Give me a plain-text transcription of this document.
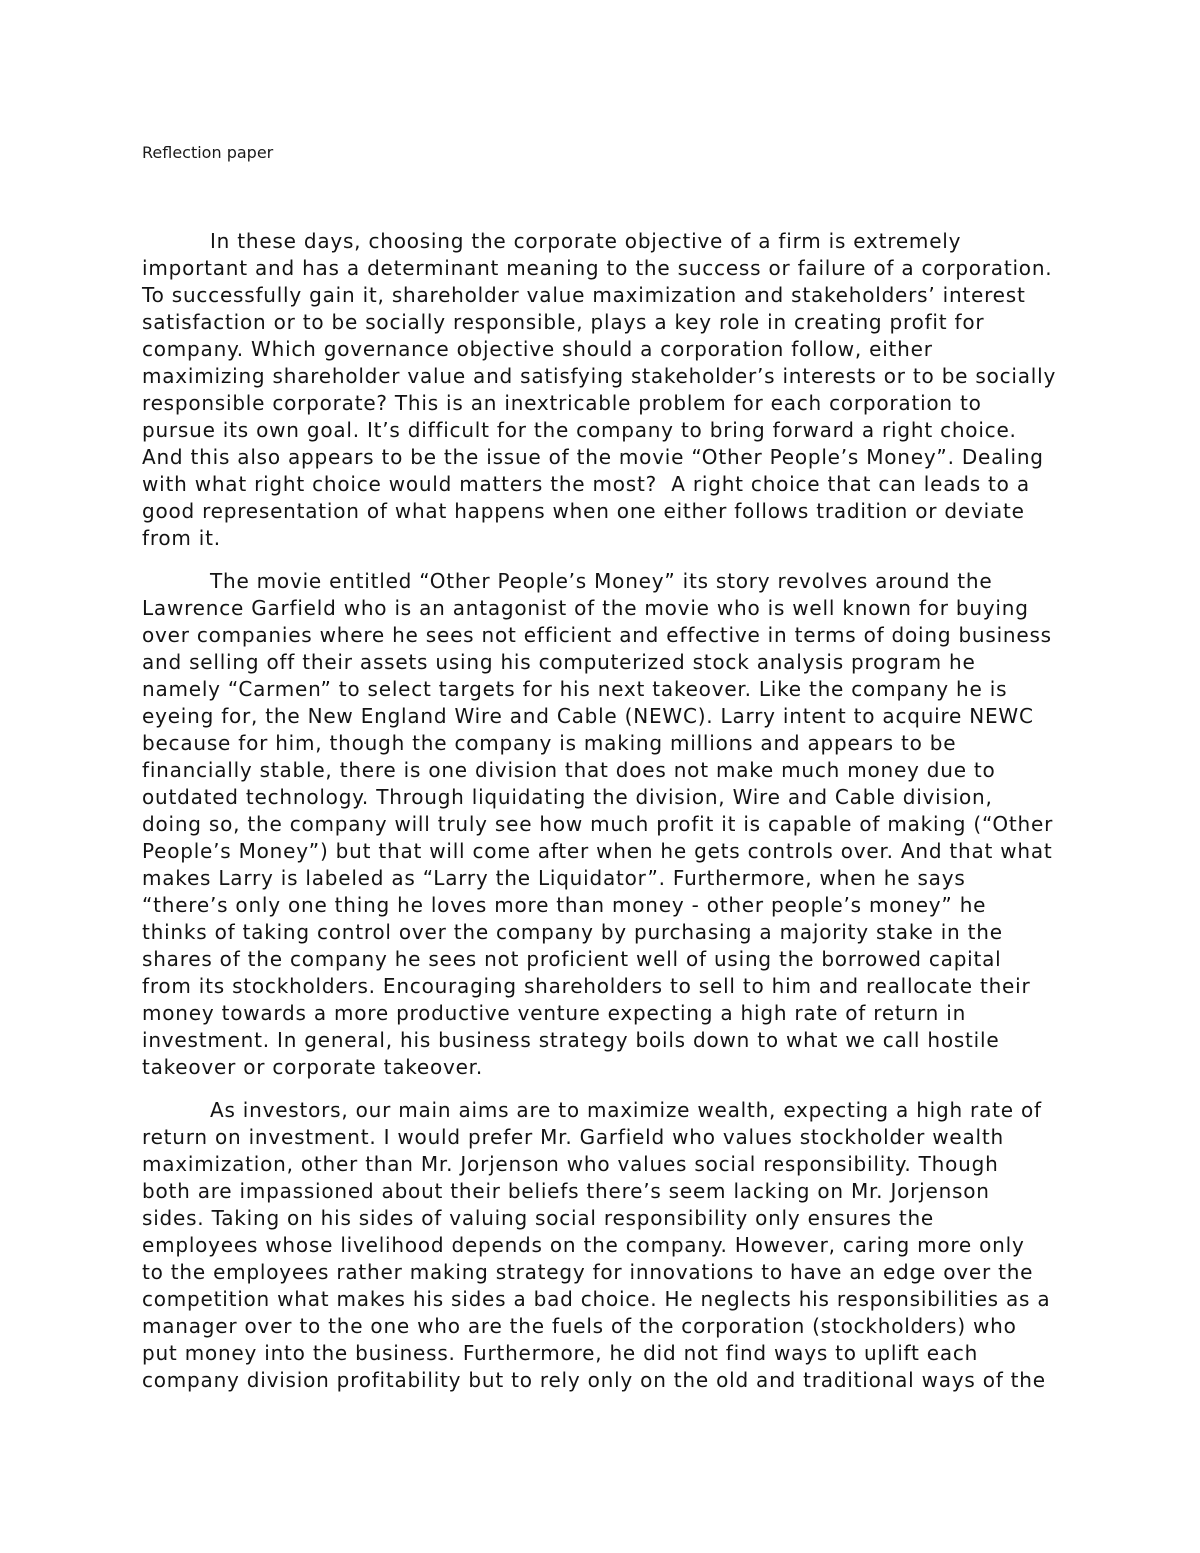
Reflection paper
In these days, choosing the corporate objective of a firm is extremely
important and has a determinant meaning to the success or failure of a corporation.
To successfully gain it, shareholder value maximization and stakeholders’ interest
satisfaction or to be socially responsible, plays a key role in creating profit for
company. Which governance objective should a corporation follow, either
maximizing shareholder value and satisfying stakeholder’s interests or to be socially
responsible corporate? This is an inextricable problem for each corporation to
pursue its own goal. It’s difficult for the company to bring forward a right choice.
And this also appears to be the issue of the movie “Other People’s Money”. Dealing
with what right choice would matters the most?  A right choice that can leads to a
good representation of what happens when one either follows tradition or deviate
from it.
The movie entitled “Other People’s Money” its story revolves around the
Lawrence Garfield who is an antagonist of the movie who is well known for buying
over companies where he sees not efficient and effective in terms of doing business
and selling off their assets using his computerized stock analysis program he
namely “Carmen” to select targets for his next takeover. Like the company he is
eyeing for, the New England Wire and Cable (NEWC). Larry intent to acquire NEWC
because for him, though the company is making millions and appears to be
financially stable, there is one division that does not make much money due to
outdated technology. Through liquidating the division, Wire and Cable division,
doing so, the company will truly see how much profit it is capable of making (“Other
People’s Money”) but that will come after when he gets controls over. And that what
makes Larry is labeled as “Larry the Liquidator”. Furthermore, when he says
“there’s only one thing he loves more than money - other people’s money” he
thinks of taking control over the company by purchasing a majority stake in the
shares of the company he sees not proficient well of using the borrowed capital
from its stockholders. Encouraging shareholders to sell to him and reallocate their
money towards a more productive venture expecting a high rate of return in
investment. In general, his business strategy boils down to what we call hostile
takeover or corporate takeover.
As investors, our main aims are to maximize wealth, expecting a high rate of
return on investment. I would prefer Mr. Garfield who values stockholder wealth
maximization, other than Mr. Jorjenson who values social responsibility. Though
both are impassioned about their beliefs there’s seem lacking on Mr. Jorjenson
sides. Taking on his sides of valuing social responsibility only ensures the
employees whose livelihood depends on the company. However, caring more only
to the employees rather making strategy for innovations to have an edge over the
competition what makes his sides a bad choice. He neglects his responsibilities as a
manager over to the one who are the fuels of the corporation (stockholders) who
put money into the business. Furthermore, he did not find ways to uplift each
company division profitability but to rely only on the old and traditional ways of the
